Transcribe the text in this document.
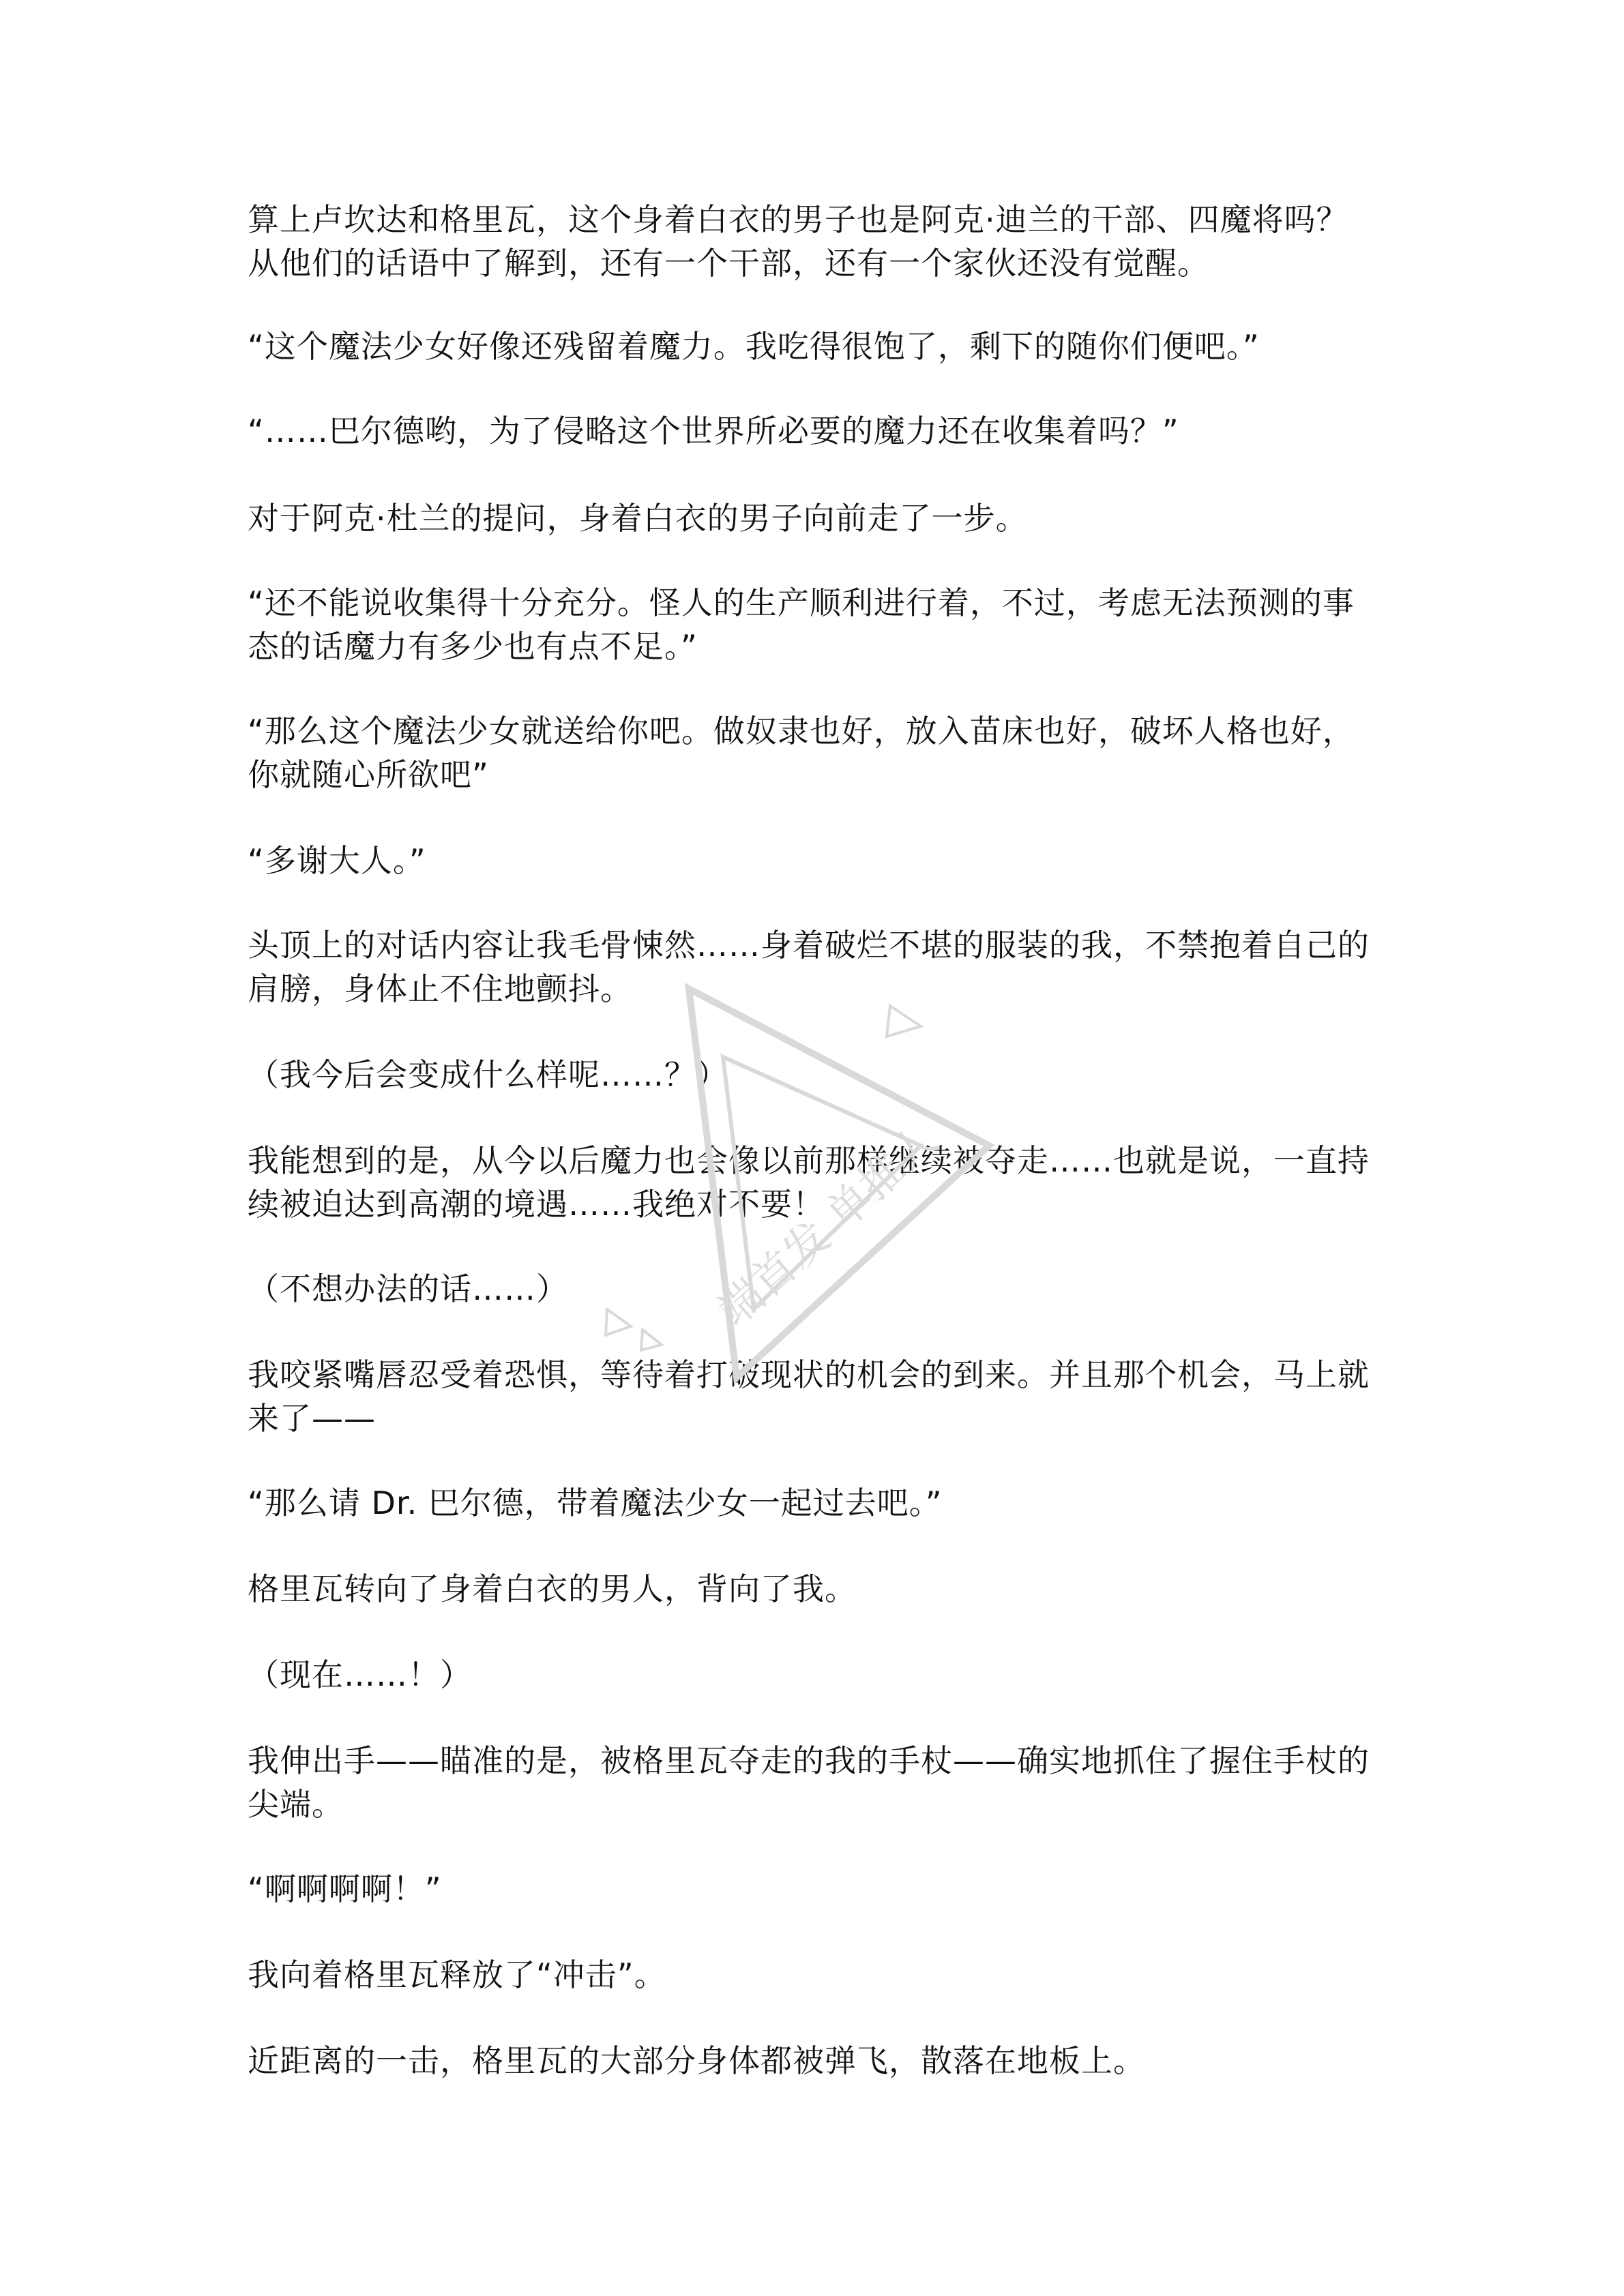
算上卢坎达和格里瓦，这个身着白衣的男子也是阿克·迪兰的干部、四魔将吗？
从他们的话语中了解到，还有一个干部，还有一个家伙还没有觉醒。
“这个魔法少女好像还残留着魔力。我吃得很饱了，剩下的随你们便吧。”
“……巴尔德哟，为了侵略这个世界所必要的魔力还在收集着吗？”
对于阿克·杜兰的提问，身着白衣的男子向前走了一步。
“还不能说收集得十分充分。怪人的生产顺利进行着，不过，考虑无法预测的事
态的话魔力有多少也有点不足。”
“那么这个魔法少女就送给你吧。做奴隶也好，放入苗床也好，破坏人格也好，
你就随心所欲吧”
“多谢大人。”
头顶上的对话内容让我毛骨悚然……身着破烂不堪的服装的我，不禁抱着自己的
肩膀，身体止不住地颤抖。
（我今后会变成什么样呢……？）
我能想到的是，从今以后魔力也会像以前那样继续被夺走……也就是说，一直持
续被迫达到高潮的境遇……我绝对不要！
（不想办法的话……）
我咬紧嘴唇忍受着恐惧，等待着打破现状的机会的到来。并且那个机会，马上就
来了——
“那么请 Dr. 巴尔德，带着魔法少女一起过去吧。”
格里瓦转向了身着白衣的男人，背向了我。
（现在……！）
我伸出手——瞄准的是，被格里瓦夺走的我的手杖——确实地抓住了握住手杖的
尖端。
“啊啊啊啊！”
我向着格里瓦释放了“冲击”。
近距离的一击，格里瓦的大部分身体都被弹飞，散落在地板上。
端首发 单推人
